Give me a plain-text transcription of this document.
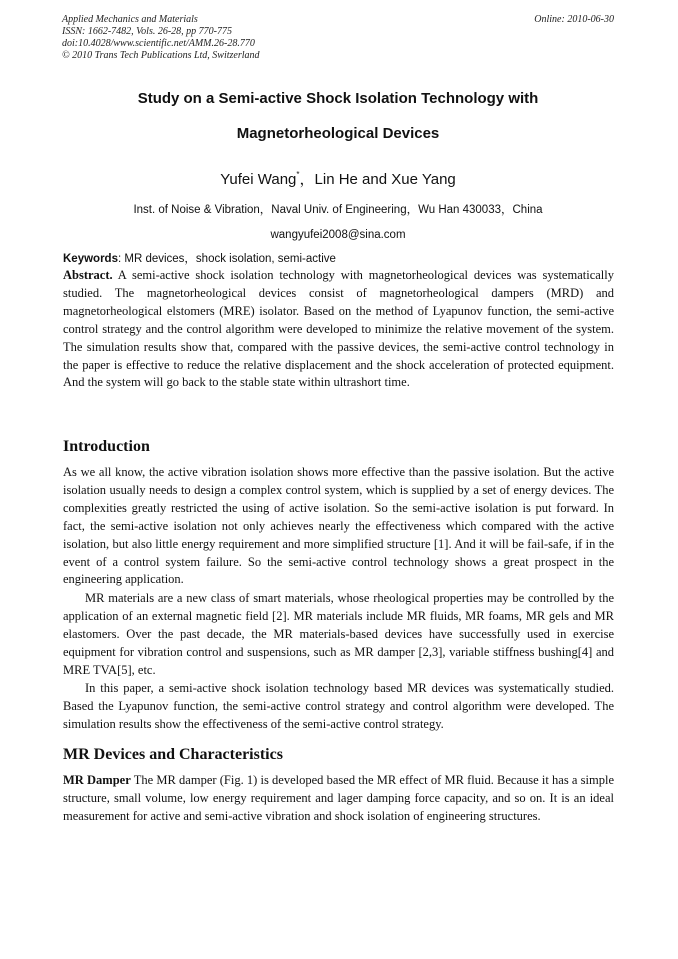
Applied Mechanics and Materials
ISSN: 1662-7482, Vols. 26-28, pp 770-775
doi:10.4028/www.scientific.net/AMM.26-28.770
© 2010 Trans Tech Publications Ltd, Switzerland
Online: 2010-06-30
Study on a Semi-active Shock Isolation Technology with
Magnetorheological Devices
Yufei Wang*，Lin He and Xue Yang
Inst. of Noise & Vibration，Naval Univ. of Engineering，Wu Han 430033，China
wangyufei2008@sina.com
Keywords: MR devices，shock isolation, semi-active
Abstract. A semi-active shock isolation technology with magnetorheological devices was systematically studied. The magnetorheological devices consist of magnetorheological dampers (MRD) and magnetorheological elstomers (MRE) isolator. Based on the method of Lyapunov function, the semi-active control strategy and the control algorithm were developed to minimize the relative movement of the system. The simulation results show that, compared with the passive devices, the semi-active control technology in the paper is effective to reduce the relative displacement and the shock acceleration of protected equipment. And the system will go back to the stable state within ultrashort time.
Introduction
As we all know, the active vibration isolation shows more effective than the passive isolation. But the active isolation usually needs to design a complex control system, which is supplied by a set of energy devices. The complexities greatly restricted the using of active isolation. So the semi-active isolation is put forward. In fact, the semi-active isolation not only achieves nearly the effectiveness which compared with the active isolation, but also little energy requirement and more simplified structure [1]. And it will be fail-safe, if in the event of a control system failure. So the semi-active control technology shows a great prospect in the engineering application.
MR materials are a new class of smart materials, whose rheological properties may be controlled by the application of an external magnetic field [2]. MR materials include MR fluids, MR foams, MR gels and MR elastomers. Over the past decade, the MR materials-based devices have successfully used in exercise equipment for vibration control and suspensions, such as MR damper [2,3], variable stiffness bushing[4] and MRE TVA[5], etc.
In this paper, a semi-active shock isolation technology based MR devices was systematically studied. Based the Lyapunov function, the semi-active control strategy and control algorithm were developed. The simulation results show the effectiveness of the semi-active control strategy.
MR Devices and Characteristics
MR Damper The MR damper (Fig. 1) is developed based the MR effect of MR fluid. Because it has a simple structure, small volume, low energy requirement and lager damping force capacity, and so on. It is an ideal measurement for active and semi-active vibration and shock isolation of engineering structures.
